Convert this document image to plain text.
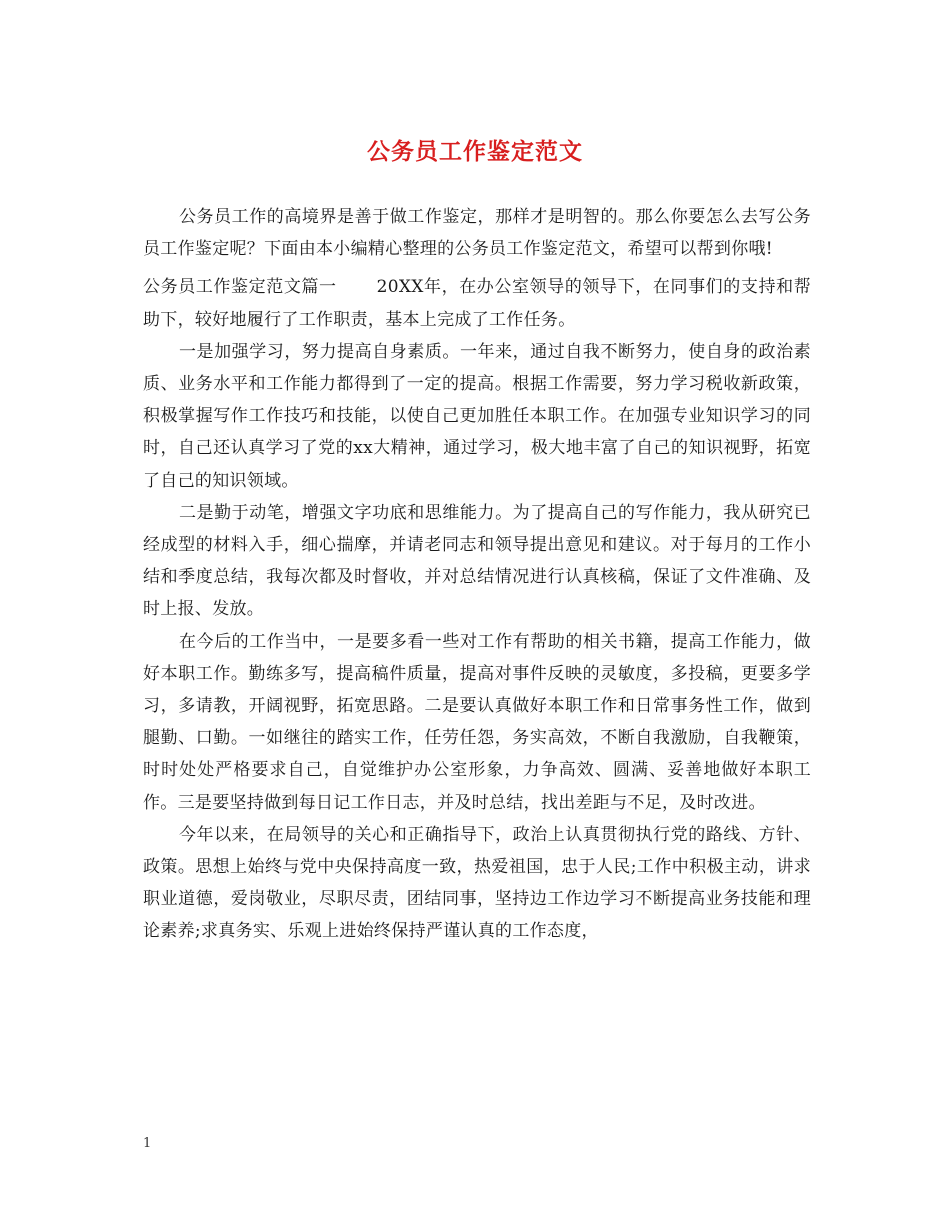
公务员工作鉴定范文

公务员工作的高境界是善于做工作鉴定，那样才是明智的。那么你要怎么去写公务员工作鉴定呢？下面由本小编精心整理的公务员工作鉴定范文，希望可以帮到你哦!

公务员工作鉴定范文篇一 20XX年，在办公室领导的领导下，在同事们的支持和帮助下，较好地履行了工作职责，基本上完成了工作任务。

一是加强学习，努力提高自身素质。一年来，通过自我不断努力，使自身的政治素质、业务水平和工作能力都得到了一定的提高。根据工作需要，努力学习税收新政策，积极掌握写作工作技巧和技能，以使自己更加胜任本职工作。在加强专业知识学习的同时，自己还认真学习了党的xx大精神，通过学习，极大地丰富了自己的知识视野，拓宽了自己的知识领域。

二是勤于动笔，增强文字功底和思维能力。为了提高自己的写作能力，我从研究已经成型的材料入手，细心揣摩，并请老同志和领导提出意见和建议。对于每月的工作小结和季度总结，我每次都及时督收，并对总结情况进行认真核稿，保证了文件准确、及时上报、发放。

在今后的工作当中，一是要多看一些对工作有帮助的相关书籍，提高工作能力，做好本职工作。勤练多写，提高稿件质量，提高对事件反映的灵敏度，多投稿，更要多学习，多请教，开阔视野，拓宽思路。二是要认真做好本职工作和日常事务性工作，做到腿勤、口勤。一如继往的踏实工作，任劳任怨，务实高效，不断自我激励，自我鞭策，时时处处严格要求自己，自觉维护办公室形象，力争高效、圆满、妥善地做好本职工作。三是要坚持做到每日记工作日志，并及时总结，找出差距与不足，及时改进。

今年以来，在局领导的关心和正确指导下，政治上认真贯彻执行党的路线、方针、政策。思想上始终与党中央保持高度一致，热爱祖国，忠于人民;工作中积极主动，讲求职业道德，爱岗敬业，尽职尽责，团结同事，坚持边工作边学习不断提高业务技能和理论素养;求真务实、乐观上进始终保持严谨认真的工作态度，

1
